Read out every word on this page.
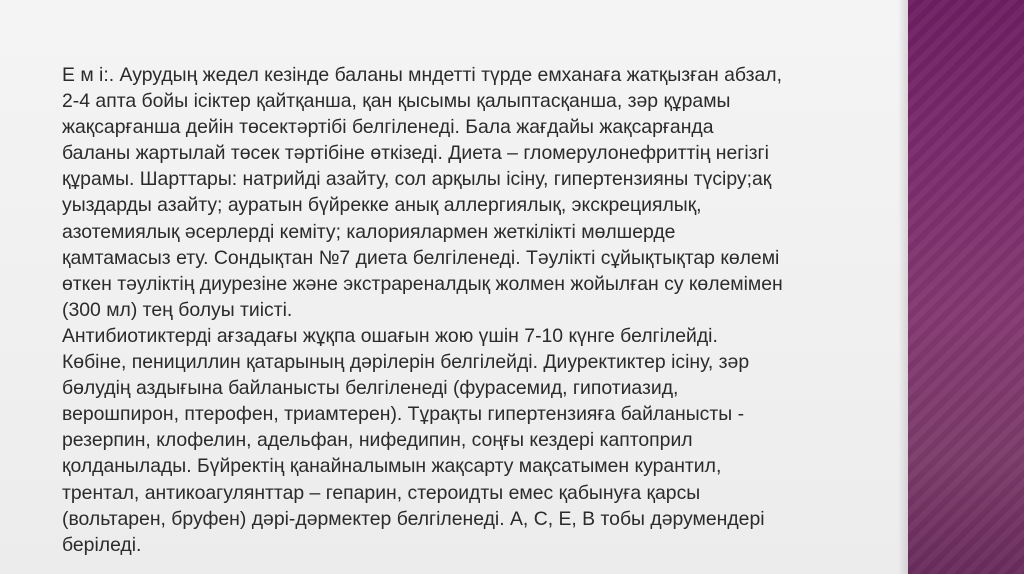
Е м і:. Аурудың жедел кезінде баланы мндетті түрде емханаға жатқызған абзал,
2-4 апта бойы ісіктер қайтқанша, қан қысымы қалыптасқанша, зәр құрамы
жақсарғанша дейін төсектәртібі белгіленеді. Бала жағдайы жақсарғанда
баланы жартылай төсек тәртібіне өткізеді. Диета – гломерулонефриттің негізгі
құрамы. Шарттары: натрийді азайту, сол арқылы ісіну, гипертензияны түсіру;ақ
уыздарды азайту; ауратын бүйрекке анық аллергиялық, экскрециялық,
азотемиялық әсерлерді кеміту; калориялармен жеткілікті мөлшерде
қамтамасыз ету. Сондықтан №7 диета белгіленеді. Тәулікті сұйықтықтар көлемі
өткен тәуліктің диурезіне және экстрареналдық жолмен жойылған су көлемімен
(300 мл) тең болуы тиісті.
Антибиотиктерді ағзадағы жұқпа ошағын жою үшін 7-10 күнге белгілейді.
Көбіне, пенициллин қатарының дәрілерін белгілейді. Диуректиктер ісіну, зәр
бөлудің аздығына байланысты белгіленеді (фурасемид, гипотиазид,
верошпирон, птерофен, триамтерен). Тұрақты гипертензияға байланысты -
резерпин, клофелин, адельфан, нифедипин, соңғы кездері каптоприл
қолданылады. Бүйректің қанайналымын жақсарту мақсатымен курантил,
трентал, антикоагулянттар – гепарин, стероидты емес қабынуға қарсы
(вольтарен, бруфен) дәрі-дәрмектер белгіленеді. А, С, Е, В тобы дәрумендері
беріледі.
